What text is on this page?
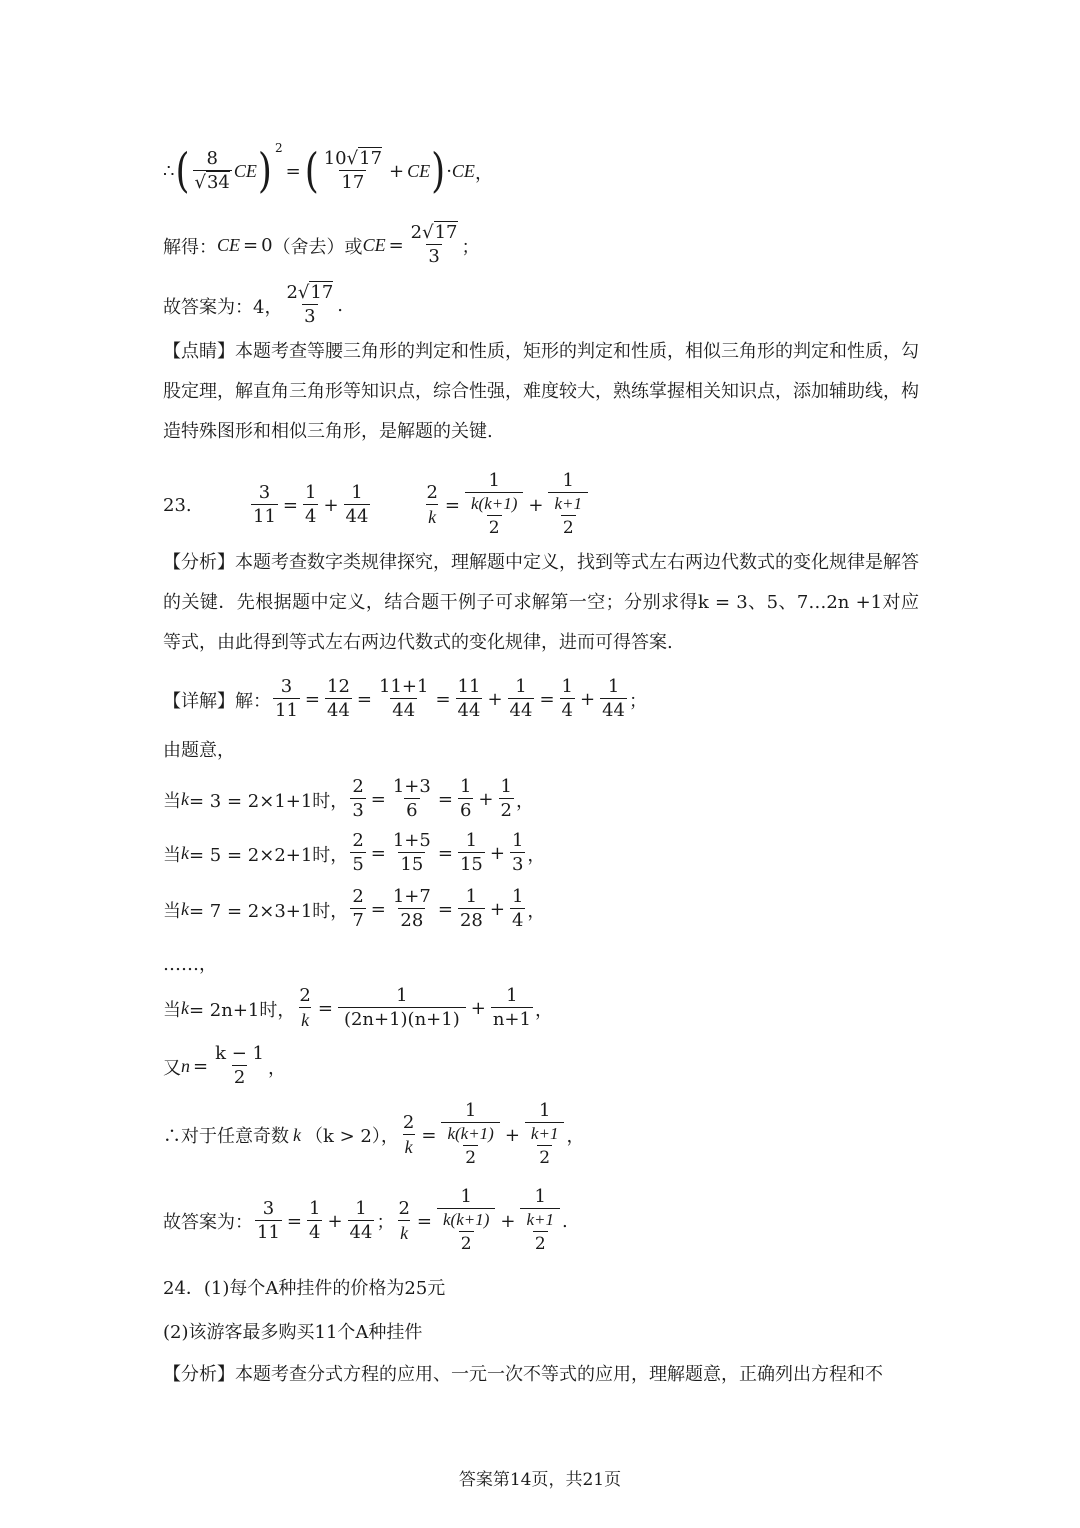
∴ ( $\frac{8}{√34}$ CE ) 2
= ( $\frac{10√17}{17}$ + CE ) · CE ，
解得： CE = 0 （舍去）或 CE = $\frac{2√17}{3}$ ；
故答案为：4， $\frac{2√17}{3}$ .
【点睛】本题考查等腰三角形的判定和性质，矩形的判定和性质，相似三角形的判定和性质，勾股定理，解直角三角形等知识点，综合性强，难度较大，熟练掌握相关知识点，添加辅助线，构造特殊图形和相似三角形，是解题的关键.
23.	$\frac{3}{11} = \frac{1}{4} + \frac{1}{44}$	$\frac{2}{k} = \frac{1}{\frac{k(k+1)}{2}} + \frac{1}{\frac{k+1}{2}}$
【分析】本题考查数字类规律探究，理解题中定义，找到等式左右两边代数式的变化规律是解答的关键．先根据题中定义，结合题干例子可求解第一空；分别求得k = 3、5、7…2n +1对应等式，由此得到等式左右两边代数式的变化规律，进而可得答案.
【详解】解： $\frac{3}{11} = \frac{12}{44} = \frac{11+1}{44} = \frac{11}{44} + \frac{1}{44} = \frac{1}{4} + \frac{1}{44}$ ；
由题意，
当 k = 3 = 2×1+1时， $\frac{2}{3} = \frac{1+3}{6} = \frac{1}{6} + \frac{1}{2}$ ，
当 k = 5 = 2×2+1时， $\frac{2}{5} = \frac{1+5}{15} = \frac{1}{15} + \frac{1}{3}$ ，
当 k = 7 = 2×3+1时， $\frac{2}{7} = \frac{1+7}{28} = \frac{1}{28} + \frac{1}{4}$ ，
……，
当 k = 2n+1时， $\frac{2}{k} = \frac{1}{(2n+1)(n+1)} + \frac{1}{n+1}$ ，
又 $n = \frac{k - 1}{2}$ ，
∴对于任意奇数 k （k > 2）， $\frac{2}{k} = \frac{1}{\frac{k(k+1)}{2}} + \frac{1}{\frac{k+1}{2}}$ ，
故答案为： $\frac{3}{11} = \frac{1}{4} + \frac{1}{44}$ ； $\frac{2}{k} = \frac{1}{\frac{k(k+1)}{2}} + \frac{1}{\frac{k+1}{2}}$ .
24．(1)每个A种挂件的价格为25元
(2)该游客最多购买11个A种挂件
【分析】本题考查分式方程的应用、一元一次不等式的应用，理解题意，正确列出方程和不
答案第14页，共21页
